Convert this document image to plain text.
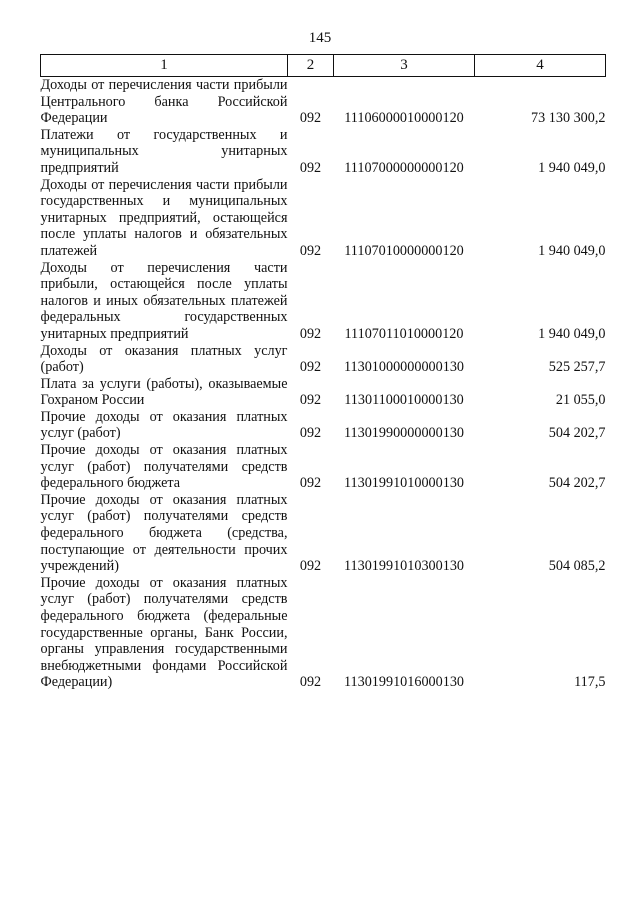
145
1	2	3	4
Доходы от перечисления части прибыли Центрального банка Российской Федерации	092	11106000010000120	73 130 300,2
Платежи от государственных и муниципальных унитарных предприятий	092	11107000000000120	1 940 049,0
Доходы от перечисления части прибыли государственных и муниципальных унитарных предприятий, остающейся после уплаты налогов и обязательных платежей	092	11107010000000120	1 940 049,0
Доходы от перечисления части прибыли, остающейся после уплаты налогов и иных обязательных платежей федеральных государственных унитарных предприятий	092	11107011010000120	1 940 049,0
Доходы от оказания платных услуг (работ)	092	11301000000000130	525 257,7
Плата за услуги (работы), оказываемые Гохраном России	092	11301100010000130	21 055,0
Прочие доходы от оказания платных услуг (работ)	092	11301990000000130	504 202,7
Прочие доходы от оказания платных услуг (работ) получателями средств федерального бюджета	092	11301991010000130	504 202,7
Прочие доходы от оказания платных услуг (работ) получателями средств федерального бюджета (средства, поступающие от деятельности прочих учреждений)	092	11301991010300130	504 085,2
Прочие доходы от оказания платных услуг (работ) получателями средств федерального бюджета (федеральные государственные органы, Банк России, органы управления государственными внебюджетными фондами Российской Федерации)	092	11301991016000130	117,5
